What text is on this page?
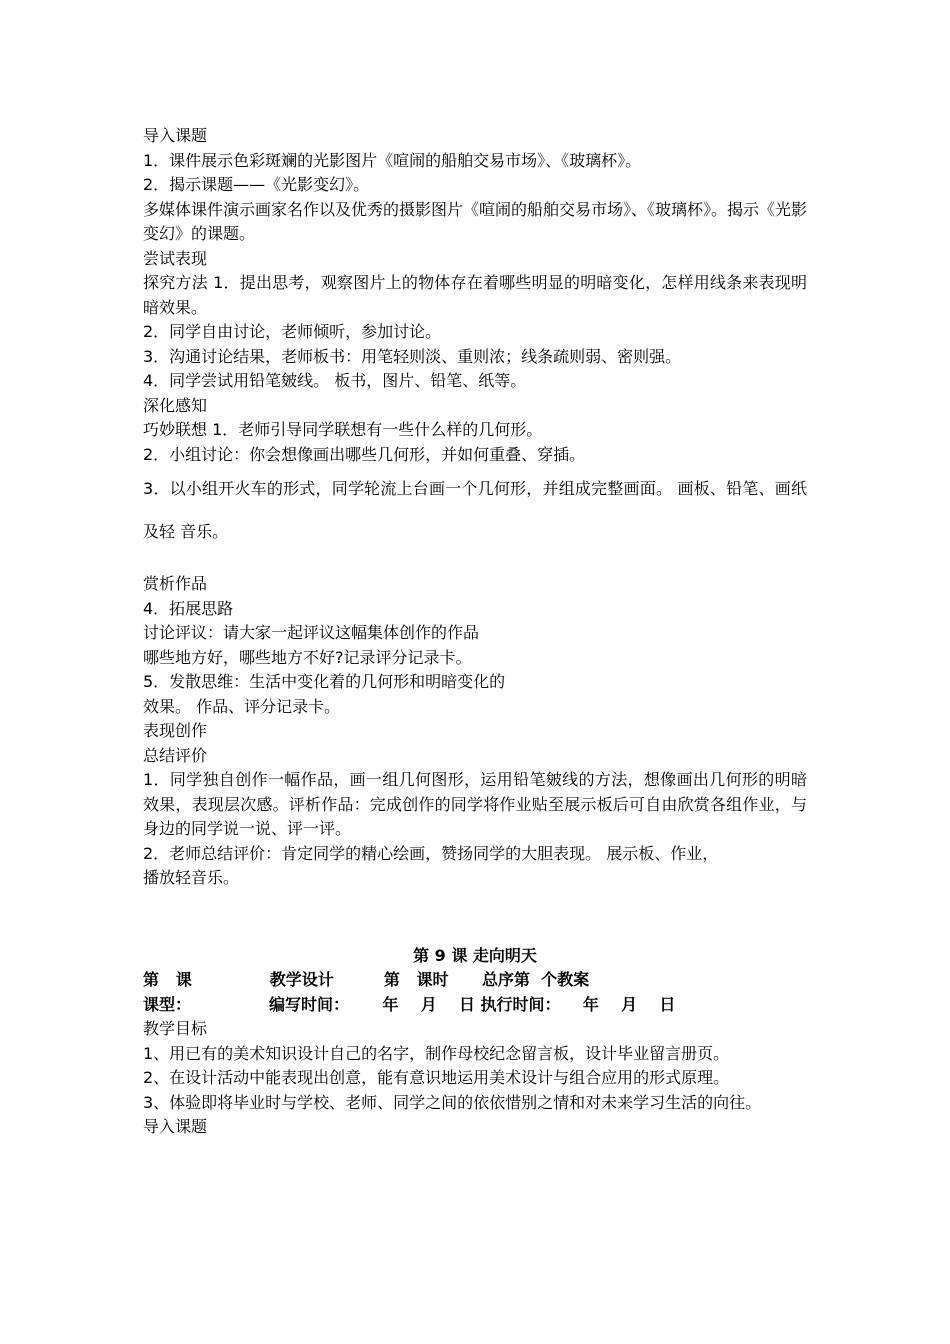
导入课题

1．课件展示色彩斑斓的光影图片《喧闹的船舶交易市场》、《玻璃杯》。

2．揭示课题——《光影变幻》。

多媒体课件演示画家名作以及优秀的摄影图片《喧闹的船舶交易市场》、《玻璃杯》。揭示《光影变幻》的课题。

尝试表现

探究方法 1．提出思考，观察图片上的物体存在着哪些明显的明暗变化，怎样用线条来表现明暗效果。

2．同学自由讨论，老师倾听，参加讨论。

3．沟通讨论结果，老师板书：用笔轻则淡、重则浓；线条疏则弱、密则强。

4．同学尝试用铅笔皴线。 板书，图片、铅笔、纸等。

深化感知

巧妙联想 1．老师引导同学联想有一些什么样的几何形。

2．小组讨论：你会想像画出哪些几何形，并如何重叠、穿插。

3．以小组开火车的形式，同学轮流上台画一个几何形，并组成完整画面。 画板、铅笔、画纸及轻 音乐。

赏析作品

4．拓展思路

讨论评议：请大家一起评议这幅集体创作的作品

哪些地方好，哪些地方不好?记录评分记录卡。

5．发散思维：生活中变化着的几何形和明暗变化的

效果。 作品、评分记录卡。

表现创作

总结评价

1．同学独自创作一幅作品，画一组几何图形，运用铅笔皴线的方法，想像画出几何形的明暗效果，表现层次感。评析作品：完成创作的同学将作业贴至展示板后可自由欣赏各组作业，与身边的同学说一说、评一评。

2．老师总结评价：肯定同学的精心绘画，赞扬同学的大胆表现。 展示板、作业，

播放轻音乐。

第 9 课 走向明天

第   课              教学设计         第   课时      总序第  个教案

课型：              编写时间：      年    月    日 执行时间：    年    月    日

教学目标

1、用已有的美术知识设计自己的名字，制作母校纪念留言板，设计毕业留言册页。

2、在设计活动中能表现出创意，能有意识地运用美术设计与组合应用的形式原理。

3、体验即将毕业时与学校、老师、同学之间的依依惜别之情和对未来学习生活的向往。

导入课题
